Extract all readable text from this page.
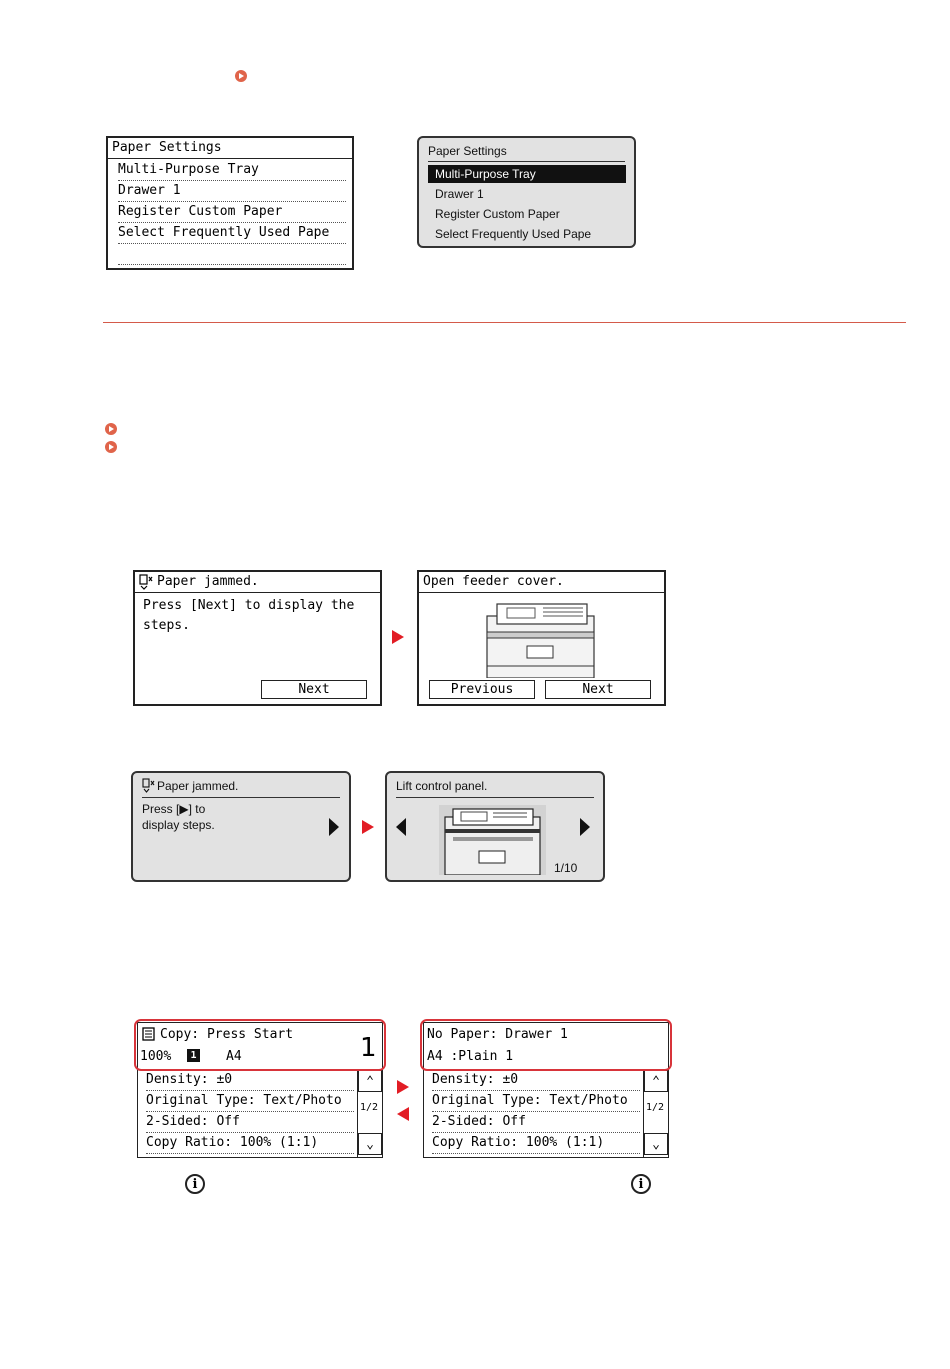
Paper Settings
Multi-Purpose Tray
Drawer 1
Register Custom Paper
Select Frequently Used Pape
Paper Settings
Multi-Purpose Tray
Drawer 1
Register Custom Paper
Select Frequently Used Pape
Paper jammed.
Press [Next] to display the
steps.
Next
Open feeder cover.
Previous	Next
Paper jammed.
Press [▶] to
display steps.
Lift control panel.
1/10
Copy: Press Start
100%	1 A4	1
Density: ±0
Original Type: Text/Photo
2-Sided: Off
Copy Ratio: 100% (1:1)
⌃
1/2
⌄
No Paper: Drawer 1
A4 :Plain 1
Density: ±0
Original Type: Text/Photo
2-Sided: Off
Copy Ratio: 100% (1:1)
⌃
1/2
⌄
i	i
